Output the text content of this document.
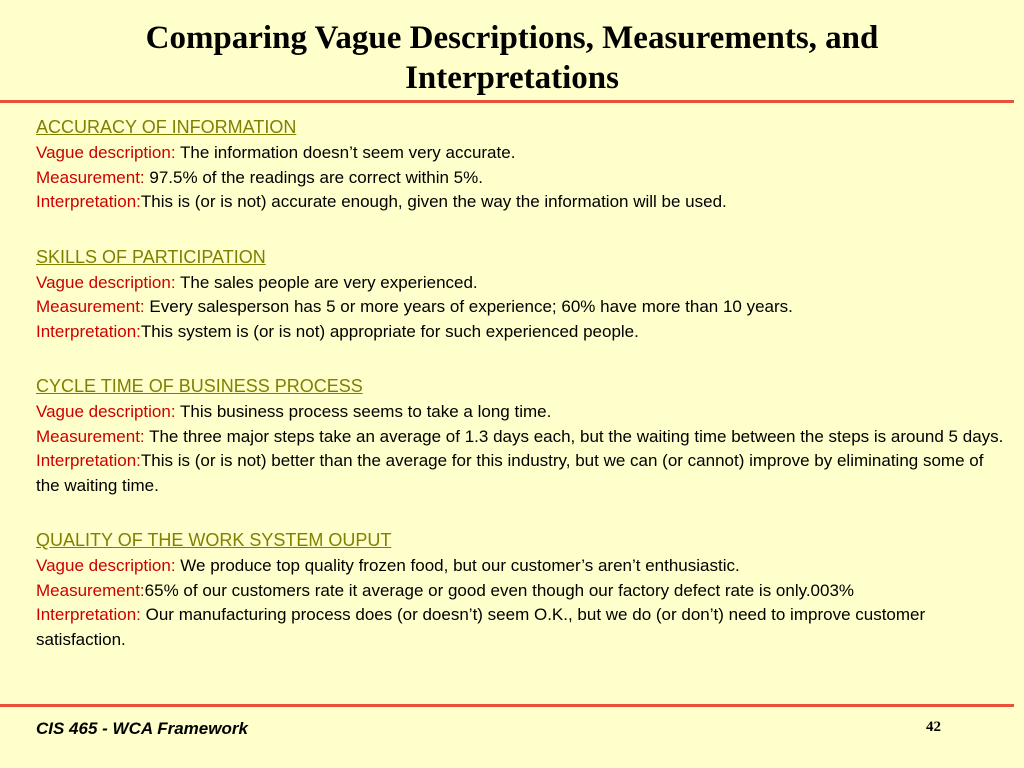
Comparing Vague Descriptions, Measurements, and
Interpretations
ACCURACY OF INFORMATION
Vague description: The information doesn’t seem very accurate.
Measurement: 97.5% of the readings are correct within 5%.
Interpretation:This is (or is not) accurate enough, given the way the information will be used.
SKILLS OF PARTICIPATION
Vague description: The sales people are very experienced.
Measurement: Every salesperson has 5 or more years of experience; 60% have more than 10 years.
Interpretation:This system is (or is not) appropriate for such experienced people.
CYCLE TIME OF BUSINESS PROCESS
Vague description: This business process seems to take a long time.
Measurement: The three major steps take an average of 1.3 days each, but the waiting time between the steps is around 5 days.
Interpretation:This is (or is not) better than the average for this industry, but we can (or cannot) improve by eliminating some of the waiting time.
QUALITY OF THE WORK SYSTEM OUPUT
Vague description: We produce top quality frozen food, but our customer’s aren’t enthusiastic.
Measurement:65% of our customers rate it average or good even though our factory defect rate is only.003%
Interpretation: Our manufacturing process does (or doesn’t) seem O.K., but we do (or don’t) need to improve customer satisfaction.
CIS 465 - WCA Framework	42
